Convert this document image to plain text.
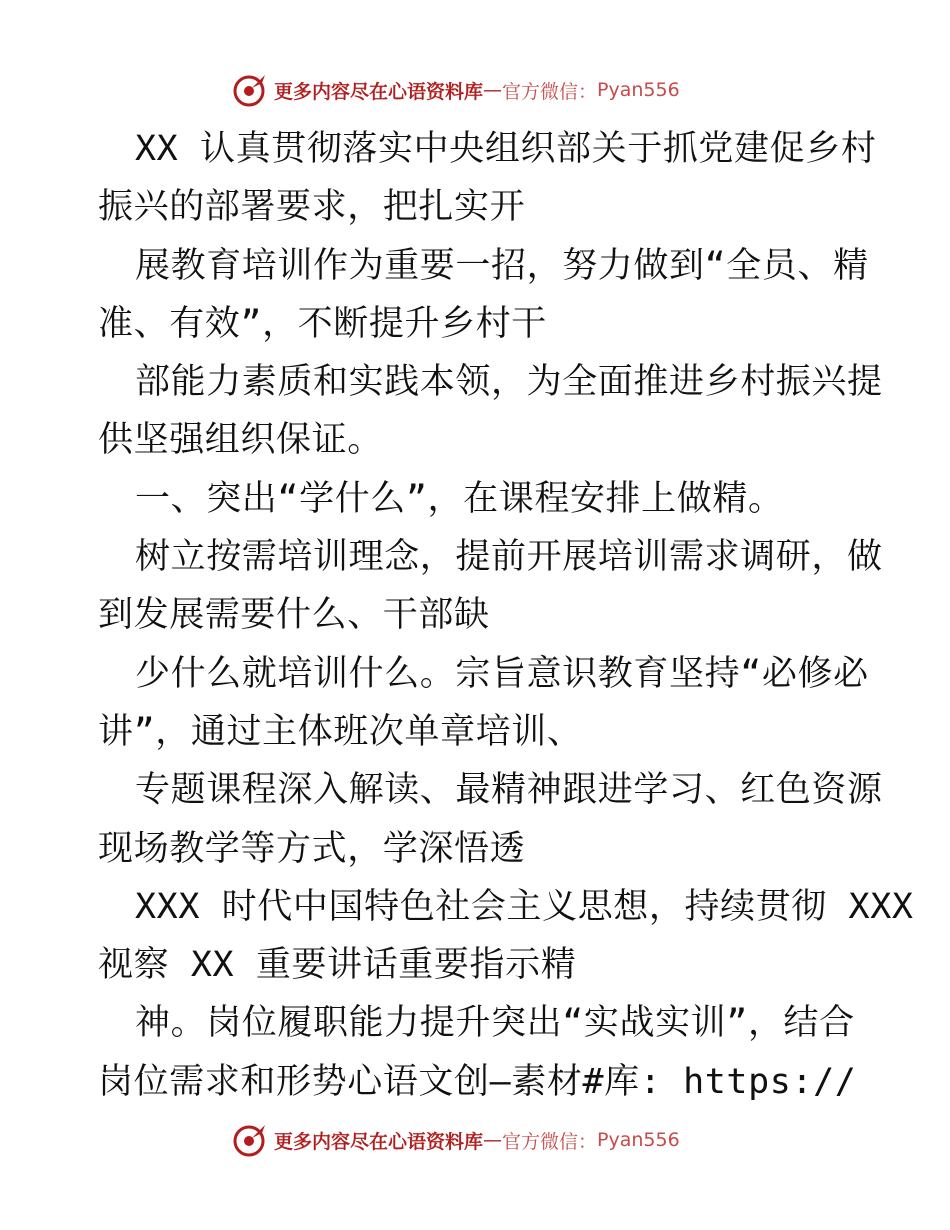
更多内容尽在心语资料库 — 官方微信： Pyan556
XX 认真贯彻落实中央组织部关于抓党建促乡村
振兴的部署要求，把扎实开
展教育培训作为重要一招，努力做到“全员、精
准、有效”，不断提升乡村干
部能力素质和实践本领，为全面推进乡村振兴提
供坚强组织保证。
一、突出“学什么”，在课程安排上做精。
树立按需培训理念，提前开展培训需求调研，做
到发展需要什么、干部缺
少什么就培训什么。宗旨意识教育坚持“必修必
讲”，通过主体班次单章培训、
专题课程深入解读、最精神跟进学习、红色资源
现场教学等方式，学深悟透
XXX 时代中国特色社会主义思想，持续贯彻 XXX
视察 XX 重要讲话重要指示精
神。岗位履职能力提升突出“实战实训”，结合
岗位需求和形势心语文创—素材#库: https://
更多内容尽在心语资料库 — 官方微信： Pyan556
